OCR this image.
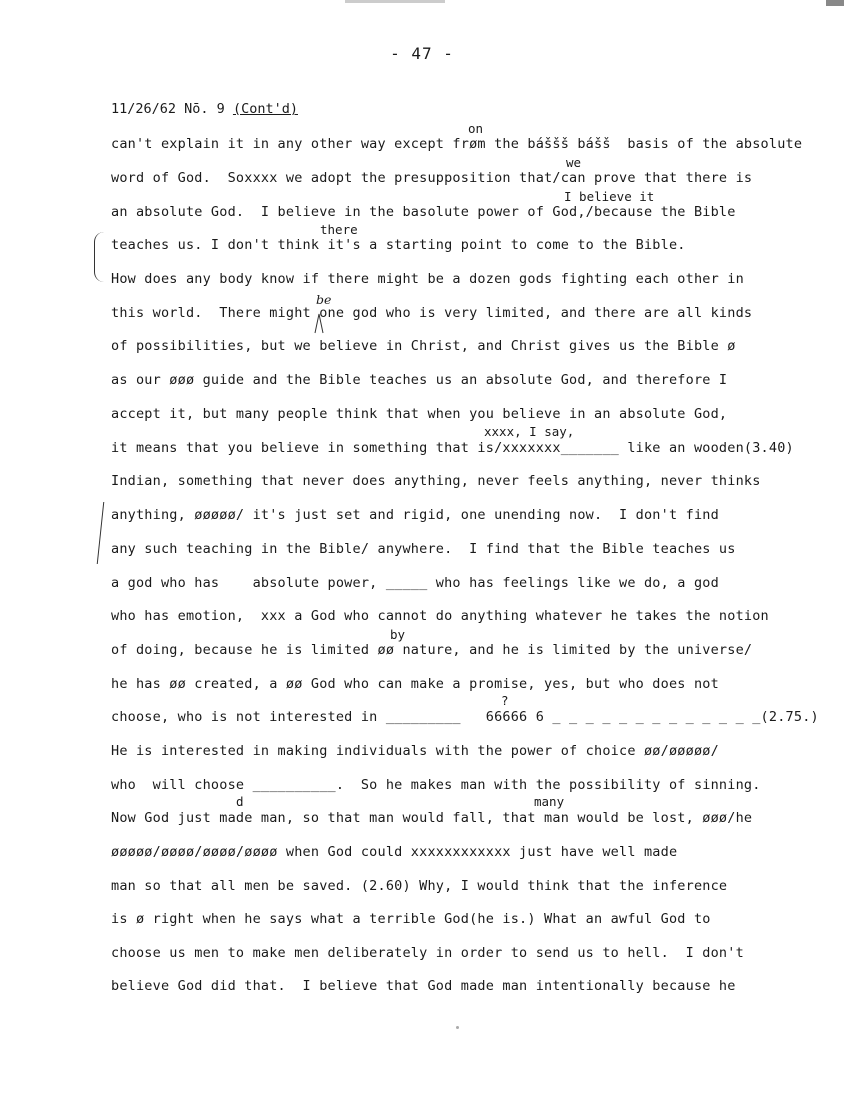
- 47 -
11/26/62 Nō. 9 (Cont'd)
on
we
I believe it
there
be
xxxx, I say,
by
?
d	many
can't explain it in any other way except frøm the báššš bášš  basis of the absolute
word of God.  Soxxxx we adopt the presupposition that/can prove that there is
an absolute God.  I believe in the basolute power of God,/because the Bible
teaches us. I don't think it's a starting point to come to the Bible.
How does any body know if there might be a dozen gods fighting each other in
this world.  There might one god who is very limited, and there are all kinds
of possibilities, but we believe in Christ, and Christ gives us the Bible ø
as our øøø guide and the Bible teaches us an absolute God, and therefore I
accept it, but many people think that when you believe in an absolute God,
it means that you believe in something that is/xxxxxxx_______ like an wooden(3.40)
Indian, something that never does anything, never feels anything, never thinks
anything, øøøøø/ it's just set and rigid, one unending now.  I don't find
any such teaching in the Bible/ anywhere.  I find that the Bible teaches us
a god who has    absolute power, _____ who has feelings like we do, a god
who has emotion,  xxx a God who cannot do anything whatever he takes the notion
of doing, because he is limited øø nature, and he is limited by the universe/
he has øø created, a øø God who can make a promise, yes, but who does not
choose, who is not interested in _________   66666 6 _ _ _ _ _ _ _ _ _ _ _ _ _(2.75.)
He is interested in making individuals with the power of choice øø/øøøøø/
who  will choose __________.  So he makes man with the possibility of sinning.
Now God just made man, so that man would fall, that man would be lost, øøø/he
øøøøø/øøøø/øøøø/øøøø when God could xxxxxxxxxxxx just have well made
man so that all men be saved. (2.60) Why, I would think that the inference
is ø right when he says what a terrible God(he is.) What an awful God to
choose us men to make men deliberately in order to send us to hell.  I don't
believe God did that.  I believe that God made man intentionally because he
